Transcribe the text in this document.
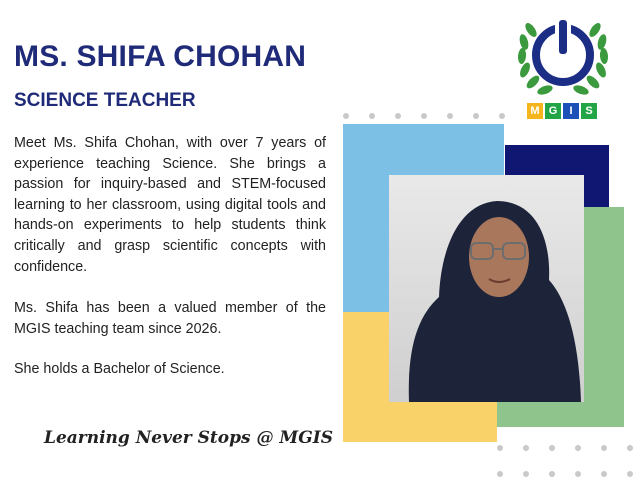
MS. SHIFA CHOHAN
SCIENCE TEACHER

Meet Ms. Shifa Chohan, with over 7 years of experience teaching Science. She brings a passion for inquiry-based and STEM-focused learning to her classroom, using digital tools and hands-on experiments to help students think critically and grasp scientific concepts with confidence.

Ms. Shifa has been a valued member of the MGIS teaching team since 2026.

She holds a Bachelor of Science.

Learning Never Stops @ MGIS

M G	I	S
